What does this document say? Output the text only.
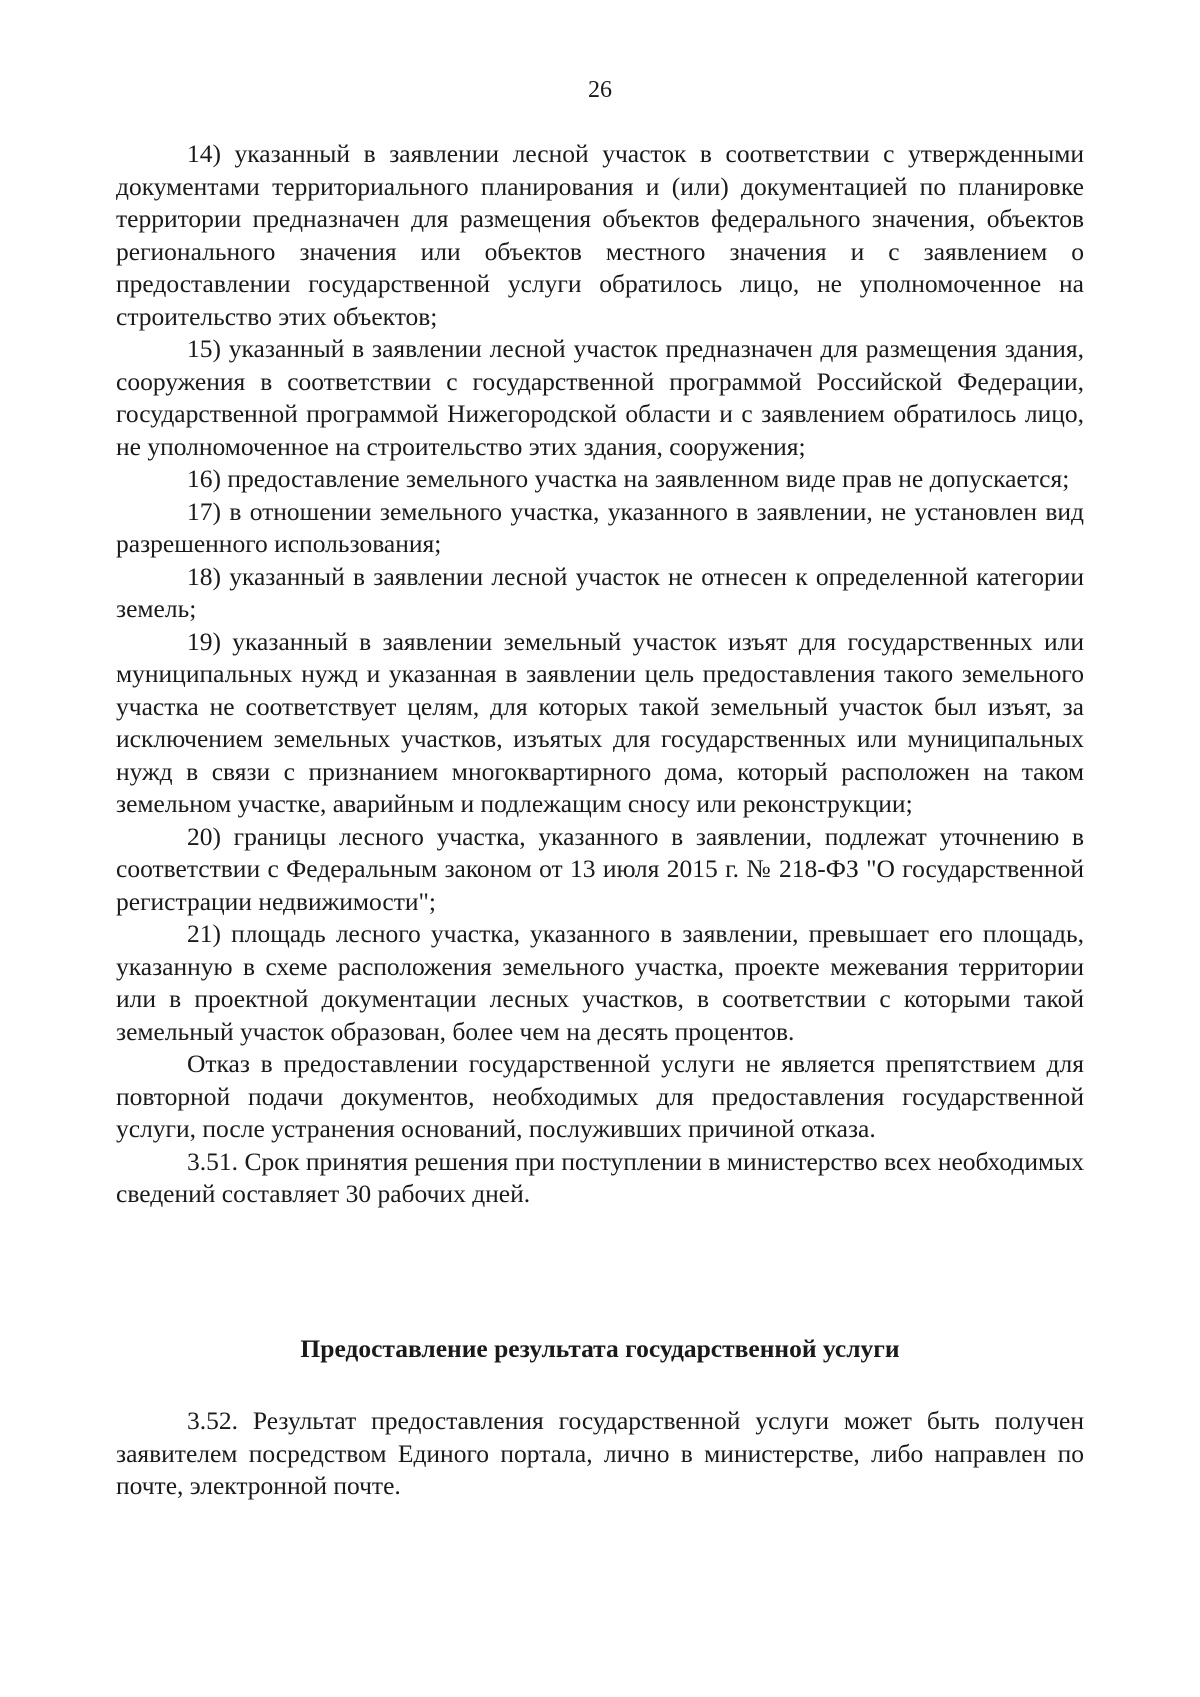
26

14) указанный в заявлении лесной участок в соответствии с утвержденными документами территориального планирования и (или) документацией по планировке территории предназначен для размещения объектов федерального значения, объектов регионального значения или объектов местного значения и с заявлением о предоставлении государственной услуги обратилось лицо, не уполномоченное на строительство этих объектов;

15) указанный в заявлении лесной участок предназначен для размещения здания, сооружения в соответствии с государственной программой Российской Федерации, государственной программой Нижегородской области и с заявлением обратилось лицо, не уполномоченное на строительство этих здания, сооружения;

16) предоставление земельного участка на заявленном виде прав не допускается;

17) в отношении земельного участка, указанного в заявлении, не установлен вид разрешенного использования;

18) указанный в заявлении лесной участок не отнесен к определенной категории земель;

19) указанный в заявлении земельный участок изъят для государственных или муниципальных нужд и указанная в заявлении цель предоставления такого земельного участка не соответствует целям, для которых такой земельный участок был изъят, за исключением земельных участков, изъятых для государственных или муниципальных нужд в связи с признанием многоквартирного дома, который расположен на таком земельном участке, аварийным и подлежащим сносу или реконструкции;

20) границы лесного участка, указанного в заявлении, подлежат уточнению в соответствии с Федеральным законом от 13 июля 2015 г. № 218-ФЗ "О государственной регистрации недвижимости";

21) площадь лесного участка, указанного в заявлении, превышает его площадь, указанную в схеме расположения земельного участка, проекте межевания территории или в проектной документации лесных участков, в соответствии с которыми такой земельный участок образован, более чем на десять процентов.

Отказ в предоставлении государственной услуги не является препятствием для повторной подачи документов, необходимых для предоставления государственной услуги, после устранения оснований, послуживших причиной отказа.

3.51. Срок принятия решения при поступлении в министерство всех необходимых сведений составляет 30 рабочих дней.

Предоставление результата государственной услуги

3.52. Результат предоставления государственной услуги может быть получен заявителем посредством Единого портала, лично в министерстве, либо направлен по почте, электронной почте.
